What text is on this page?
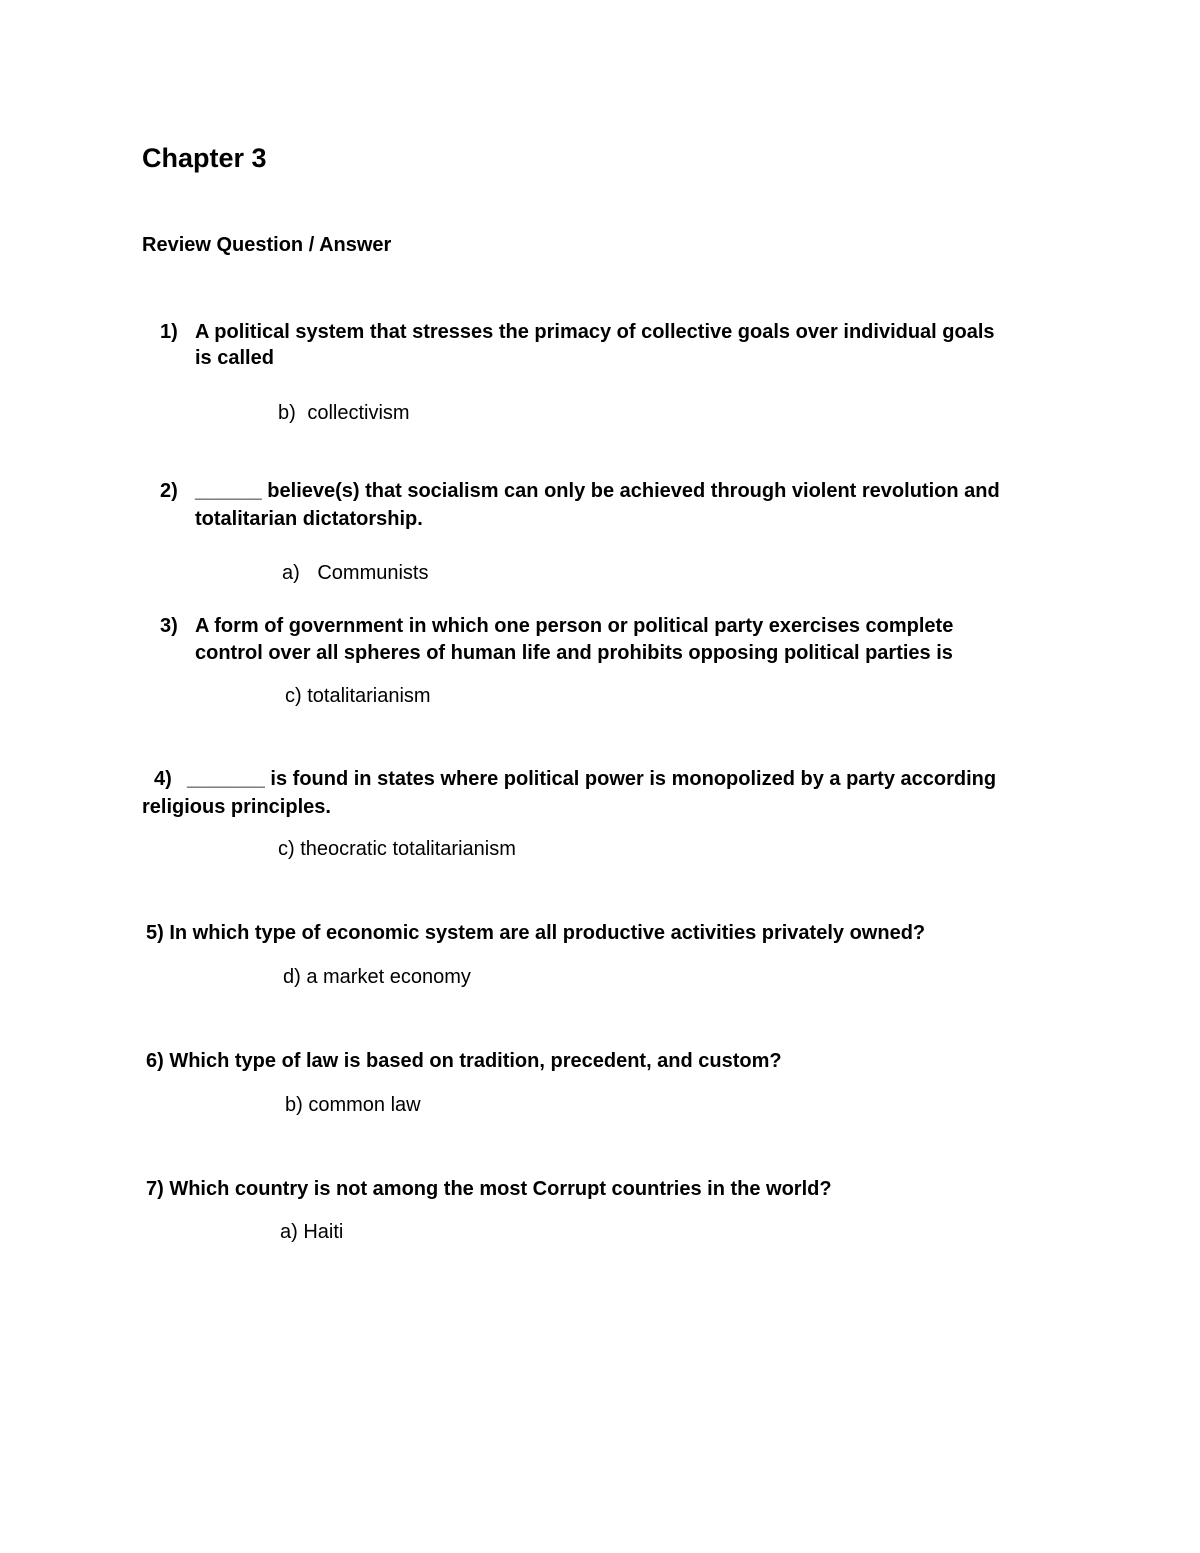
Chapter 3
Review Question / Answer
1) A political system that stresses the primacy of collective goals over individual goals
is called
b) collectivism
2) ______ believe(s) that socialism can only be achieved through violent revolution and
totalitarian dictatorship.
a) Communists
3) A form of government in which one person or political party exercises complete
control over all spheres of human life and prohibits opposing political parties is
c) totalitarianism
4) _______ is found in states where political power is monopolized by a party according
religious principles.
c) theocratic totalitarianism
5) In which type of economic system are all productive activities privately owned?
d) a market economy
6) Which type of law is based on tradition, precedent, and custom?
b) common law
7) Which country is not among the most Corrupt countries in the world?
a) Haiti
